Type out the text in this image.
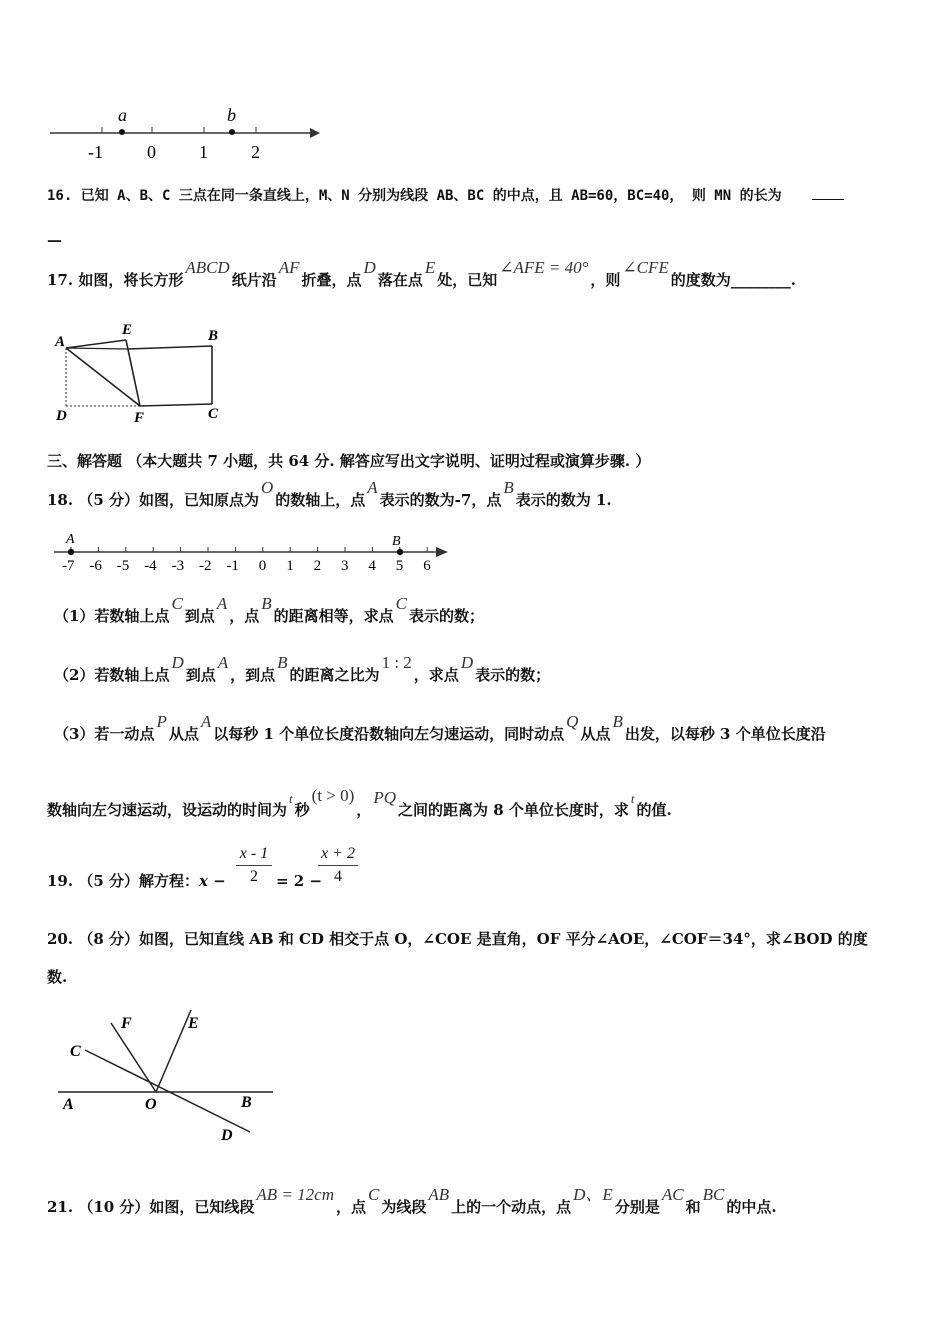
a	b
-1 0 1 2
16. 已知 A、B、C 三点在同一条直线上，M、N 分别为线段 AB、BC 的中点，且 AB=60，BC=40， 则 MN 的长为
—
17. 如图，将长方形ABCD纸片沿AF折叠，点D落在点E处，已知∠AFE = 40°，则∠CFE的度数为________.
A
E	B
D	F	C
三、解答题 （本大题共 7 小题，共 64 分. 解答应写出文字说明、证明过程或演算步骤. ）
18. （5 分）如图，已知原点为O的数轴上，点A表示的数为-7，点B表示的数为 1.
-7 -6 -5 -4 -3 -2 -1 0 1 2 3 4 5 6
A	B
（1）若数轴上点C到点A，点B的距离相等，求点C表示的数；
（2）若数轴上点D到点A，到点B的距离之比为1 : 2，求点D表示的数；
（3）若一动点P从点A以每秒 1 个单位长度沿数轴向左匀速运动，同时动点Q从点B出发，以每秒 3 个单位长度沿
数轴向左匀速运动，设运动的时间为t秒(t > 0)，PQ之间的距离为 8 个单位长度时，求t的值.
19. （5 分）解方程：x −
x - 1
2	= 2 −
x + 2
4
20. （8 分）如图，已知直线 AB 和 CD 相交于点 O，∠COE 是直角，OF 平分∠AOE，∠COF＝34°，求∠BOD 的度
数.
F	E
C
A	O	B
D
21. （10 分）如图，已知线段AB = 12cm，点C为线段AB上的一个动点，点D、E分别是AC和BC的中点.
